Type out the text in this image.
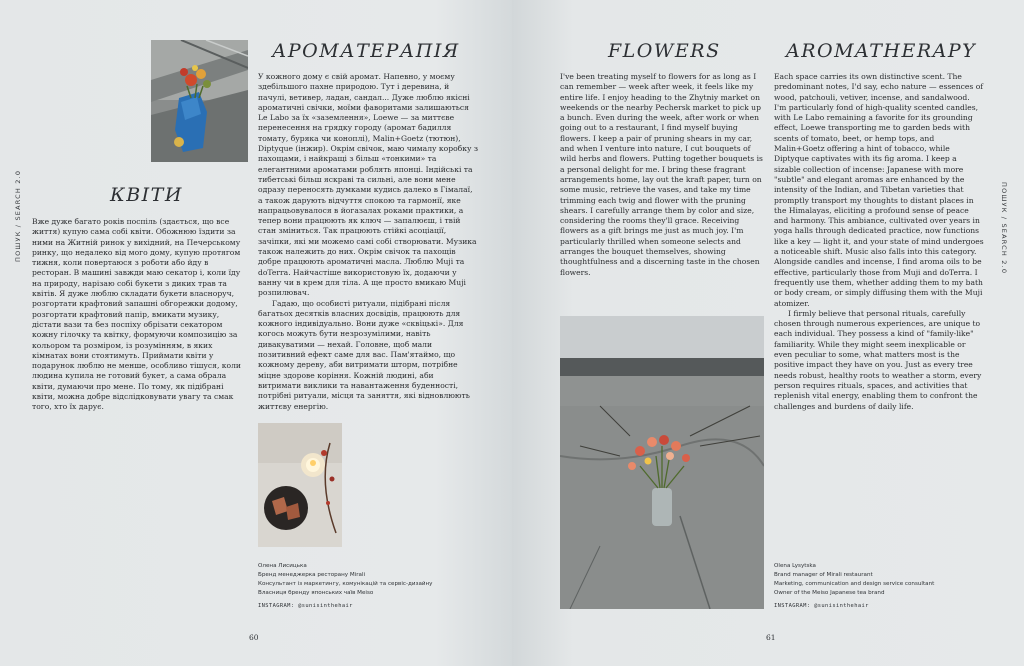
АРОМАТЕРАПІЯ
КВІТИ
ПОШУК / SEARCH 2.0 Вже дуже багато років поспіль (здається, що все життя) купую сама собі квіти. Обожнюю їздити за ними на Житній ринок у вихідний, на Печерському ринку, що недалеко від мого дому, купую протягом тижня, коли повертаюся з роботи або йду в ресторан. В машині завжди маю секатор і, коли їду на природу, нарізаю собі букети з диких трав та квітів. Я дуже люблю складати букети власноруч, розгортати крафтовий запашні обгорежки додому, розгортати крафтовий папір, вмикати музику, дістати вази та без поспіху обрізати секатором кожну гілочку та квітку, формуючи композицію за кольором та розміром, із розумінням, в яких кімнатах вони стоятимуть. Приймати квіти у подарунок люблю не менше, особливо тішуся, коли людина купила не готовий букет, а сама обрала квіти, думаючи про мене. По тому, як підібрані квіти, можна добре відслідковувати увагу та смак того, хто їх дарує.

У кожного дому є свій аромат. Напевно, у моєму здебільшого пахне природою. Тут і деревина, й пачулі, ветивер, ладан, сандал... Дуже люблю якісні ароматичні свічки, моїми фаворитами залишаються Le Labo за їх «заземлення», Loewe — за миттєве перенесення на грядку городу (аромат бадилля томату, буряка чи коноплі), Malin+Goetz (тютюн), Diptyque (інжир). Окрім свічок, маю чималу коробку з пахощами, і найкращі з більш «тонкими» та елегантними ароматами роблять японці. Індійські та тибетські більш яскраві та сильні, але вони мене одразу переносять думками кудись далеко в Гімалаї, а також дарують відчуття спокою та гармонії, яке напрацьовувалося в йогазалах роками практики, а тепер вони працюють як ключ — запалюєш, і твій стан зміниться. Так працюють стійкі асоціації, зачіпки, які ми можемо самі собі створювати. Музика також належить до них. Окрім свічок та пахощів добре працюють ароматичні масла. Люблю Muji та doTerra. Найчастіше використовую їх, додаючи у ванну чи в крем для тіла. А ще просто вмикаю Muji розпилювач.

Гадаю, що особисті ритуали, підібрані після багатьох десятків власних досвідів, працюють для кожного індивідуально. Вони дуже «сквіцькі». Для когось можуть бути незрозумілими, навіть дивакуватими — нехай. Головне, щоб мали позитивний ефект саме для вас. Пам'ятаймо, що кожному дереву, аби витримати шторм, потрібне міцне здорове коріння. Кожній людині, аби витримати виклики та навантаження буденності, потрібні ритуали, місця та заняття, які відновлюють життєву енергію.

Олена Лисицька
Бренд менеджерка ресторану Mirali
Консультант із маркетингу, комунікацій та сервіс-дизайну
Власниця бренду японських чаїв Meiso
INSTAGRAM: @sunisinthehair
60
FLOWERS	AROMATHERAPY

I've been treating myself to flowers for as long as I can remember — week after week, it feels like my entire life. I enjoy heading to the Zhytniy market on weekends or the nearby Pechersk market to pick up a bunch. Even during the week, after work or when going out to a restaurant, I find myself buying flowers. I keep a pair of pruning shears in my car, and when I venture into nature, I cut bouquets of wild herbs and flowers. Putting together bouquets is a personal delight for me. I bring these fragrant arrangements home, lay out the kraft paper, turn on some music, retrieve the vases, and take my time trimming each twig and flower with the pruning shears. I carefully arrange them by color and size, considering the rooms they'll grace. Receiving flowers as a gift brings me just as much joy. I'm particularly thrilled when someone selects and arranges the bouquet themselves, showing thoughtfulness and a discerning taste in the chosen flowers.

Each space carries its own distinctive scent. The predominant notes, I'd say, echo nature — essences of wood, patchouli, vetiver, incense, and sandalwood. I'm particularly fond of high-quality scented candles, with Le Labo remaining a favorite for its grounding effect, Loewe transporting me to garden beds with scents of tomato, beet, or hemp tops, and Malin+Goetz offering a hint of tobacco, while Diptyque captivates with its fig aroma. I keep a sizable collection of incense: Japanese with more "subtle" and elegant aromas are enhanced by the intensity of the Indian, and Tibetan varieties that promptly transport my thoughts to distant places in the Himalayas, eliciting a profound sense of peace and harmony. This ambiance, cultivated over years in yoga halls through dedicated practice, now functions like a key — light it, and your state of mind undergoes a noticeable shift. Music also falls into this category. Alongside candles and incense, I find aroma oils to be effective, particularly those from Muji and doTerra. I frequently use them, whether adding them to my bath or body cream, or simply diffusing them with the Muji atomizer.

I firmly believe that personal rituals, carefully chosen through numerous experiences, are unique to each individual. They possess a kind of "family-like" familiarity. While they might seem inexplicable or even peculiar to some, what matters most is the positive impact they have on you. Just as every tree needs robust, healthy roots to weather a storm, every person requires rituals, spaces, and activities that replenish vital energy, enabling them to confront the challenges and burdens of daily life.

ПОШУК / SEARCH 2.0
Olena Lysytska
Brand manager of Mirali restaurant
Marketing, communication and design service consultant
Owner of the Meiso Japanese tea brand
INSTAGRAM: @sunisinthehair
61
